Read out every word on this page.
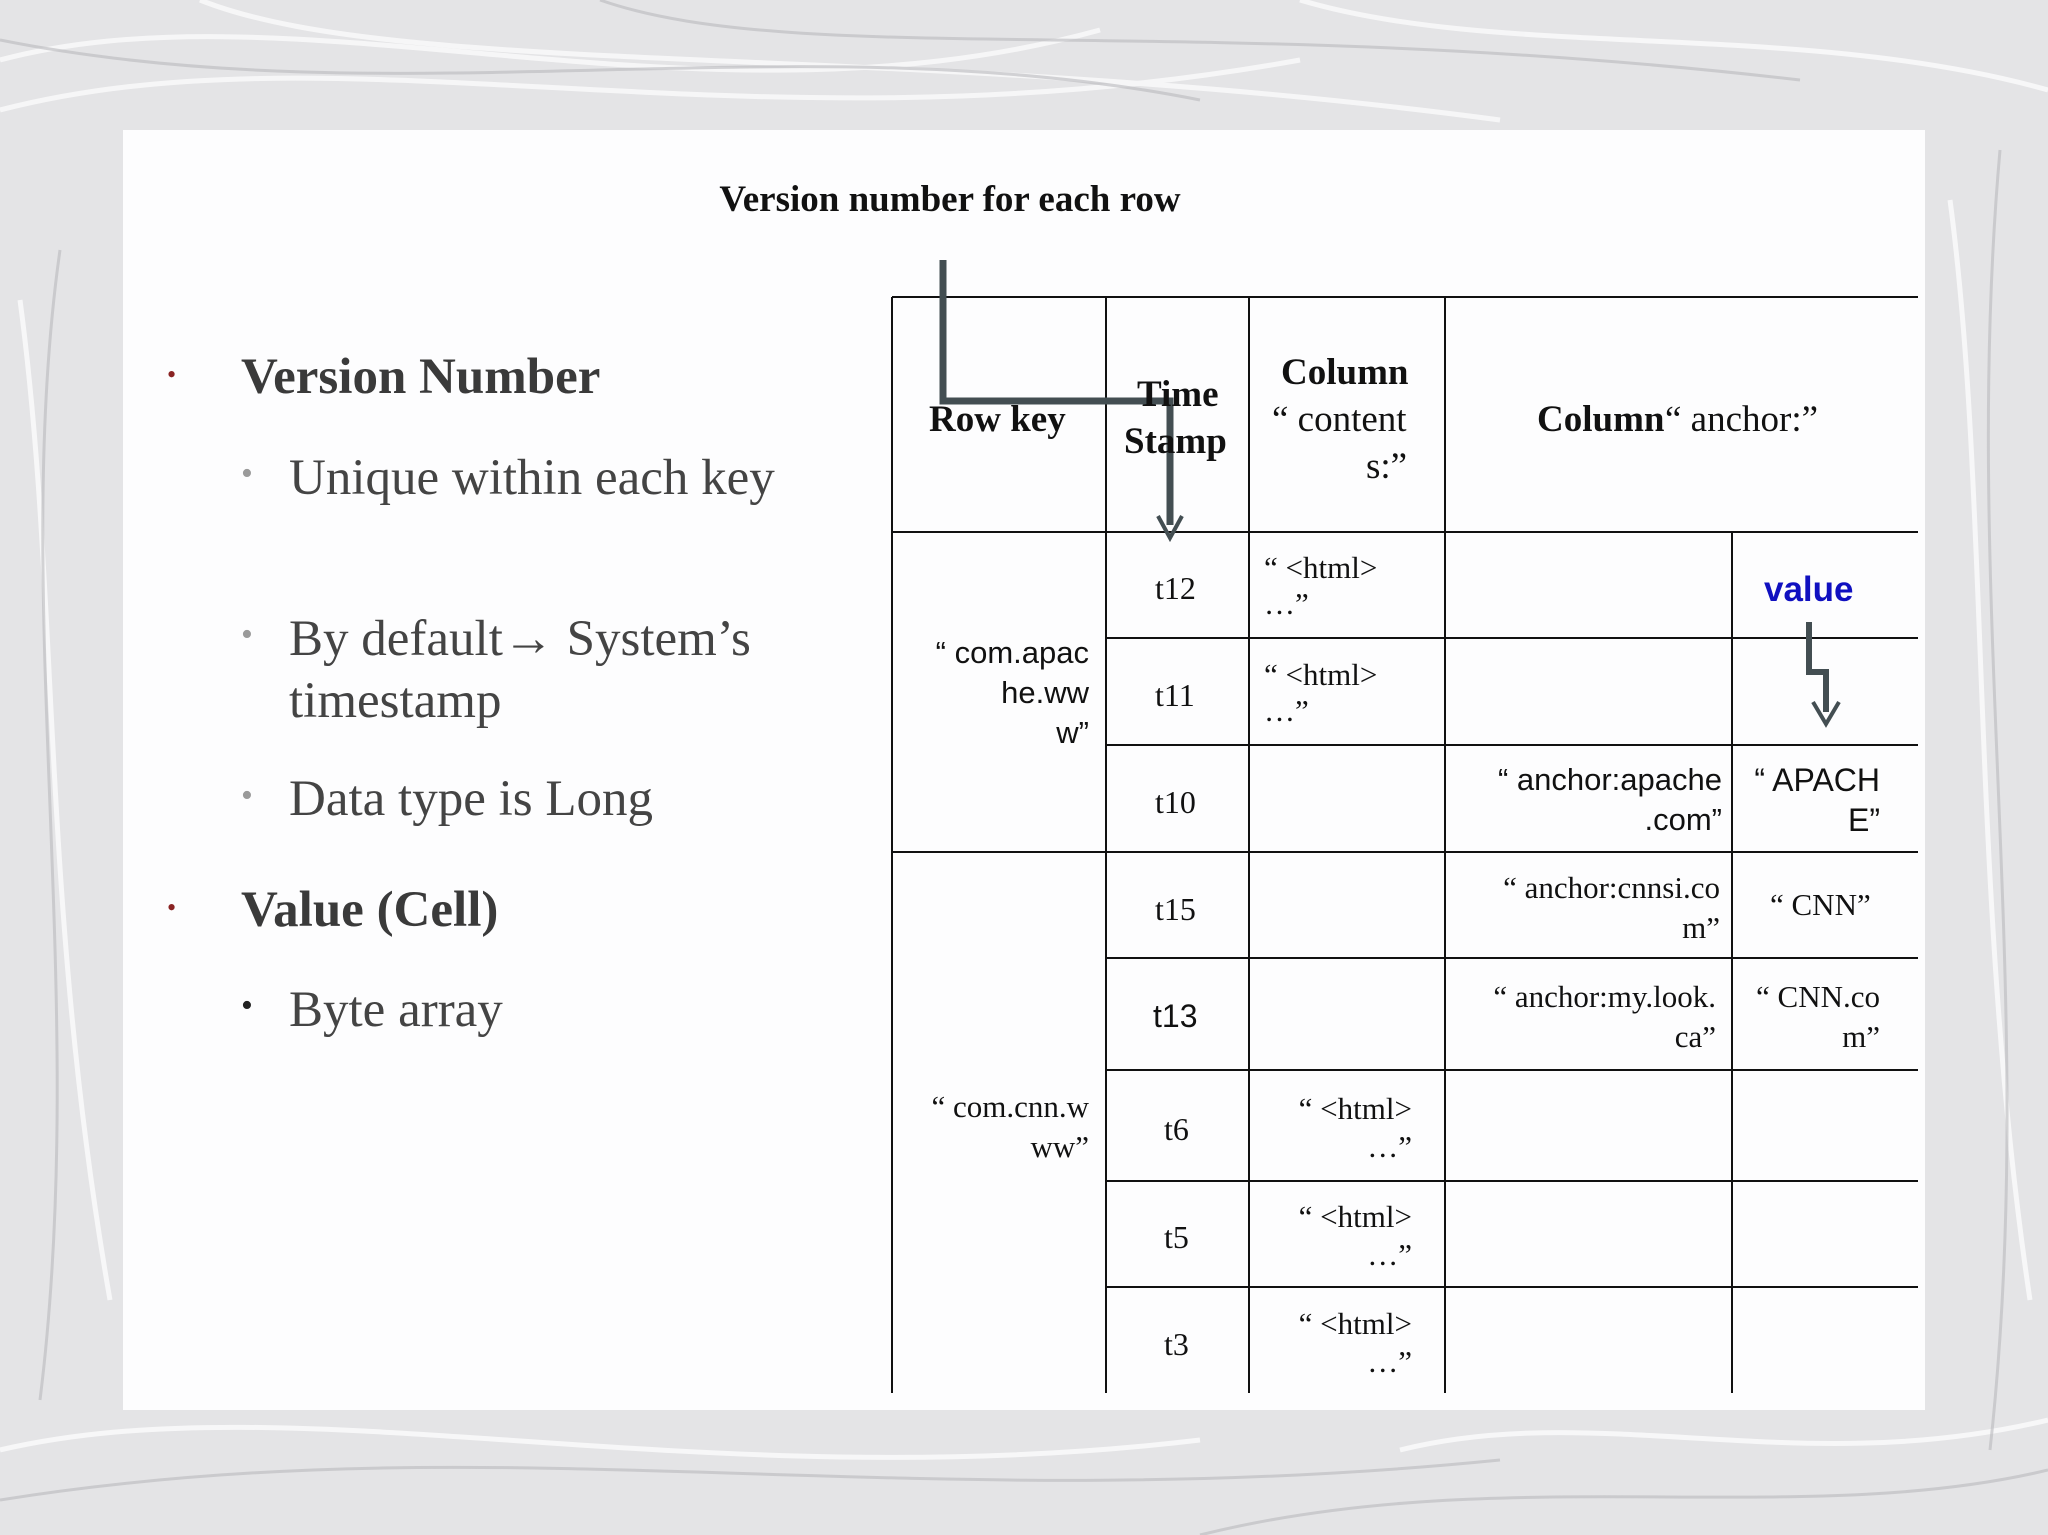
Version number for each row
• Version Number
• Unique within each key
• By default→ System’s timestamp
• Data type is Long
• Value (Cell)
• Byte array
Row key
Time
Stamp
Column
“ content
s:”
Column “ anchor:”
“ com.apac
he.ww
w”
“ com.cnn.w
ww”
t12
t11
t10
t15
t13
t6
t5
t3
“ <html>
…”
“ <html>
…”
“ <html>
…”
“ <html>
…”
“ <html>
…”
“ anchor:apache
.com”
“ anchor:cnnsi.co
m”
“ anchor:my.look.
ca”
value
“ APACH
E”
“ CNN”
“ CNN.co
m”
